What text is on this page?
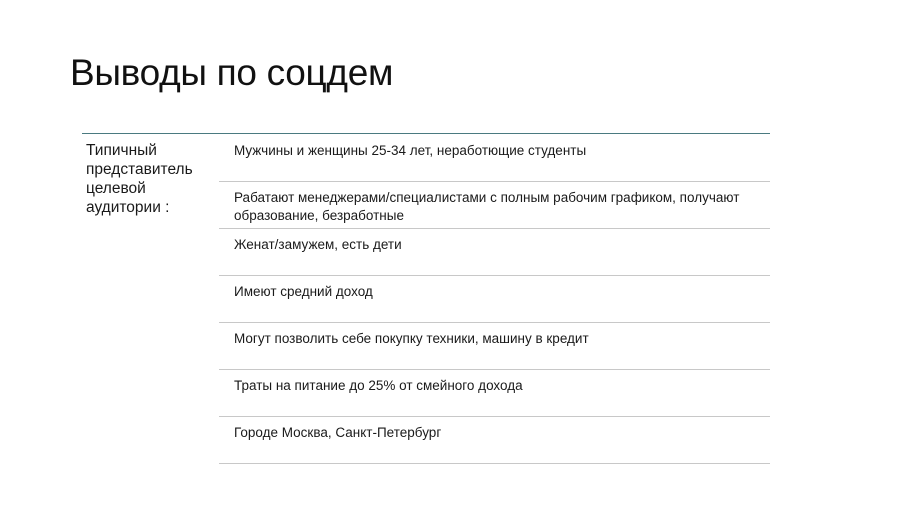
Выводы по соцдем
Типичный представитель целевой аудитории :
Мужчины и женщины 25-34 лет, неработющие студенты
Рабатают менеджерами/специалистами с полным рабочим графиком, получают образование, безработные
Женат/замужем, есть дети
Имеют средний доход
Могут позволить себе покупку техники, машину в кредит
Траты на питание до 25% от смейного дохода
Городе Москва, Санкт-Петербург
